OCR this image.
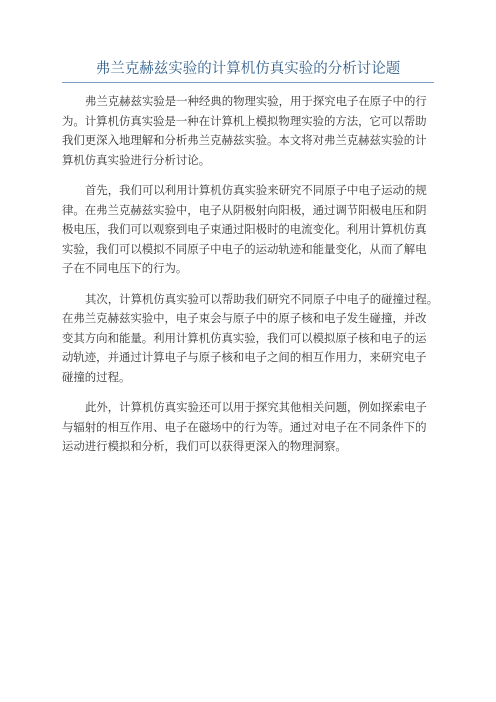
弗兰克赫兹实验的计算机仿真实验的分析讨论题

弗兰克赫兹实验是一种经典的物理实验，用于探究电子在原子中的行
为。计算机仿真实验是一种在计算机上模拟物理实验的方法，它可以帮助
我们更深入地理解和分析弗兰克赫兹实验。本文将对弗兰克赫兹实验的计
算机仿真实验进行分析讨论。

首先，我们可以利用计算机仿真实验来研究不同原子中电子运动的规
律。在弗兰克赫兹实验中，电子从阴极射向阳极，通过调节阳极电压和阴
极电压，我们可以观察到电子束通过阳极时的电流变化。利用计算机仿真
实验，我们可以模拟不同原子中电子的运动轨迹和能量变化，从而了解电
子在不同电压下的行为。

其次，计算机仿真实验可以帮助我们研究不同原子中电子的碰撞过程。
在弗兰克赫兹实验中，电子束会与原子中的原子核和电子发生碰撞，并改
变其方向和能量。利用计算机仿真实验，我们可以模拟原子核和电子的运
动轨迹，并通过计算电子与原子核和电子之间的相互作用力，来研究电子
碰撞的过程。

此外，计算机仿真实验还可以用于探究其他相关问题，例如探索电子
与辐射的相互作用、电子在磁场中的行为等。通过对电子在不同条件下的
运动进行模拟和分析，我们可以获得更深入的物理洞察。
